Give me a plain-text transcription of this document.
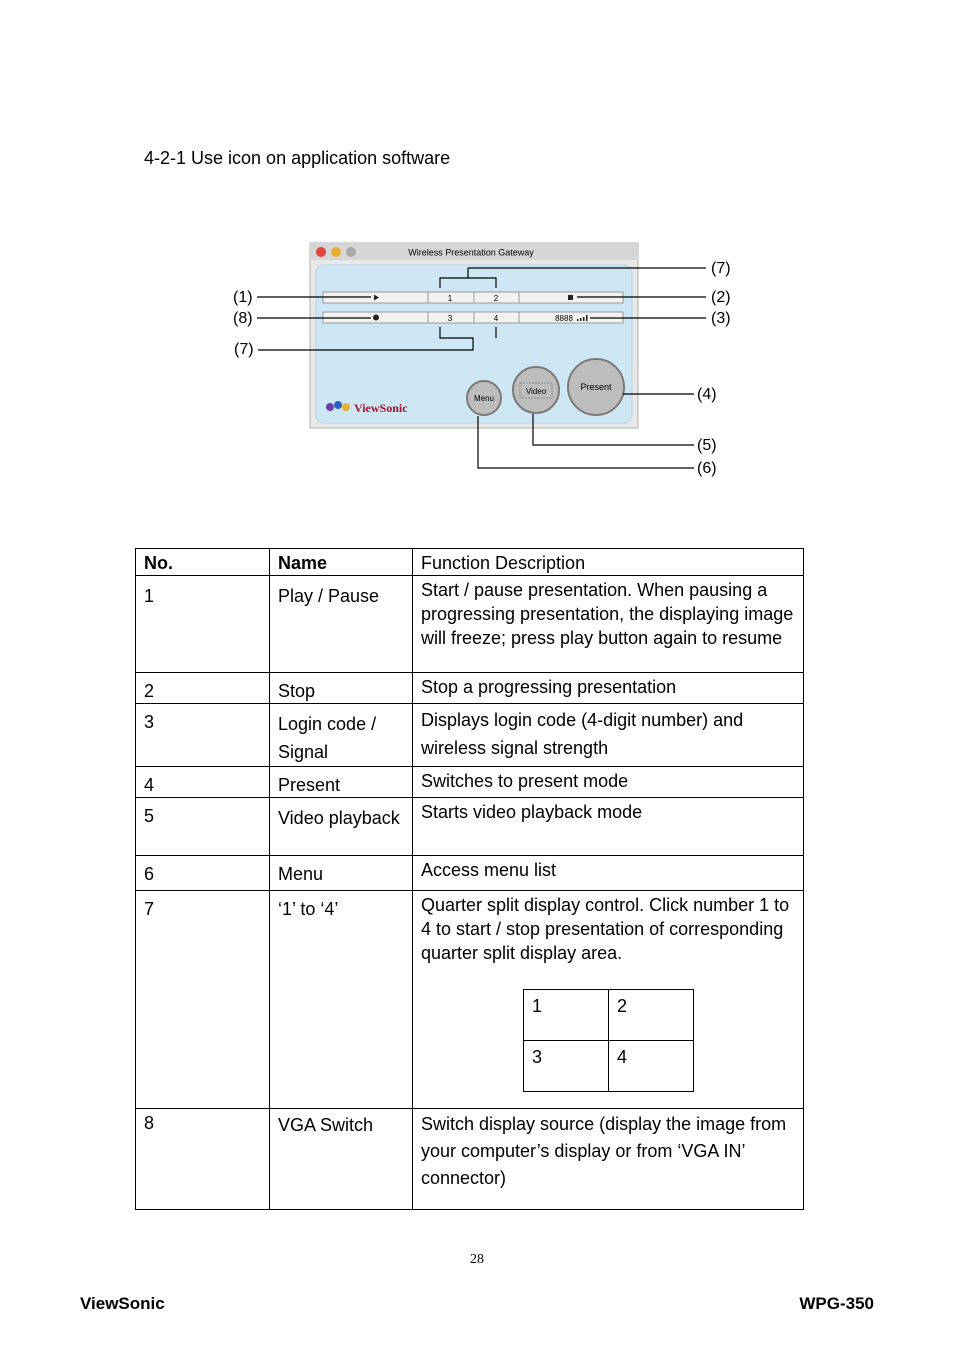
4-2-1 Use icon on application software
Wireless Presentation Gateway
1	2
3	4	8888
ViewSonic
Menu
Video	Present
(1)
(8)
(7)
(7)
(2)
(3)
(4)
(5)
(6)
No.	Name	Function Description
1	Play / Pause	Start / pause presentation. When pausing a progressing presentation, the displaying image will freeze; press play button again to resume
2	Stop	Stop a progressing presentation
3	Login code / Signal	Displays login code (4-digit number) and wireless signal strength
4	Present	Switches to present mode
5	Video playback	Starts video playback mode
6	Menu	Access menu list
7	‘1’ to ‘4’	Quarter split display control. Click number 1 to 4 to start / stop presentation of corresponding quarter split display area.
1	2
3	4

8	VGA Switch	Switch display source (display the image from your computer’s display or from ‘VGA IN’ connector)
28
ViewSonic	WPG-350
